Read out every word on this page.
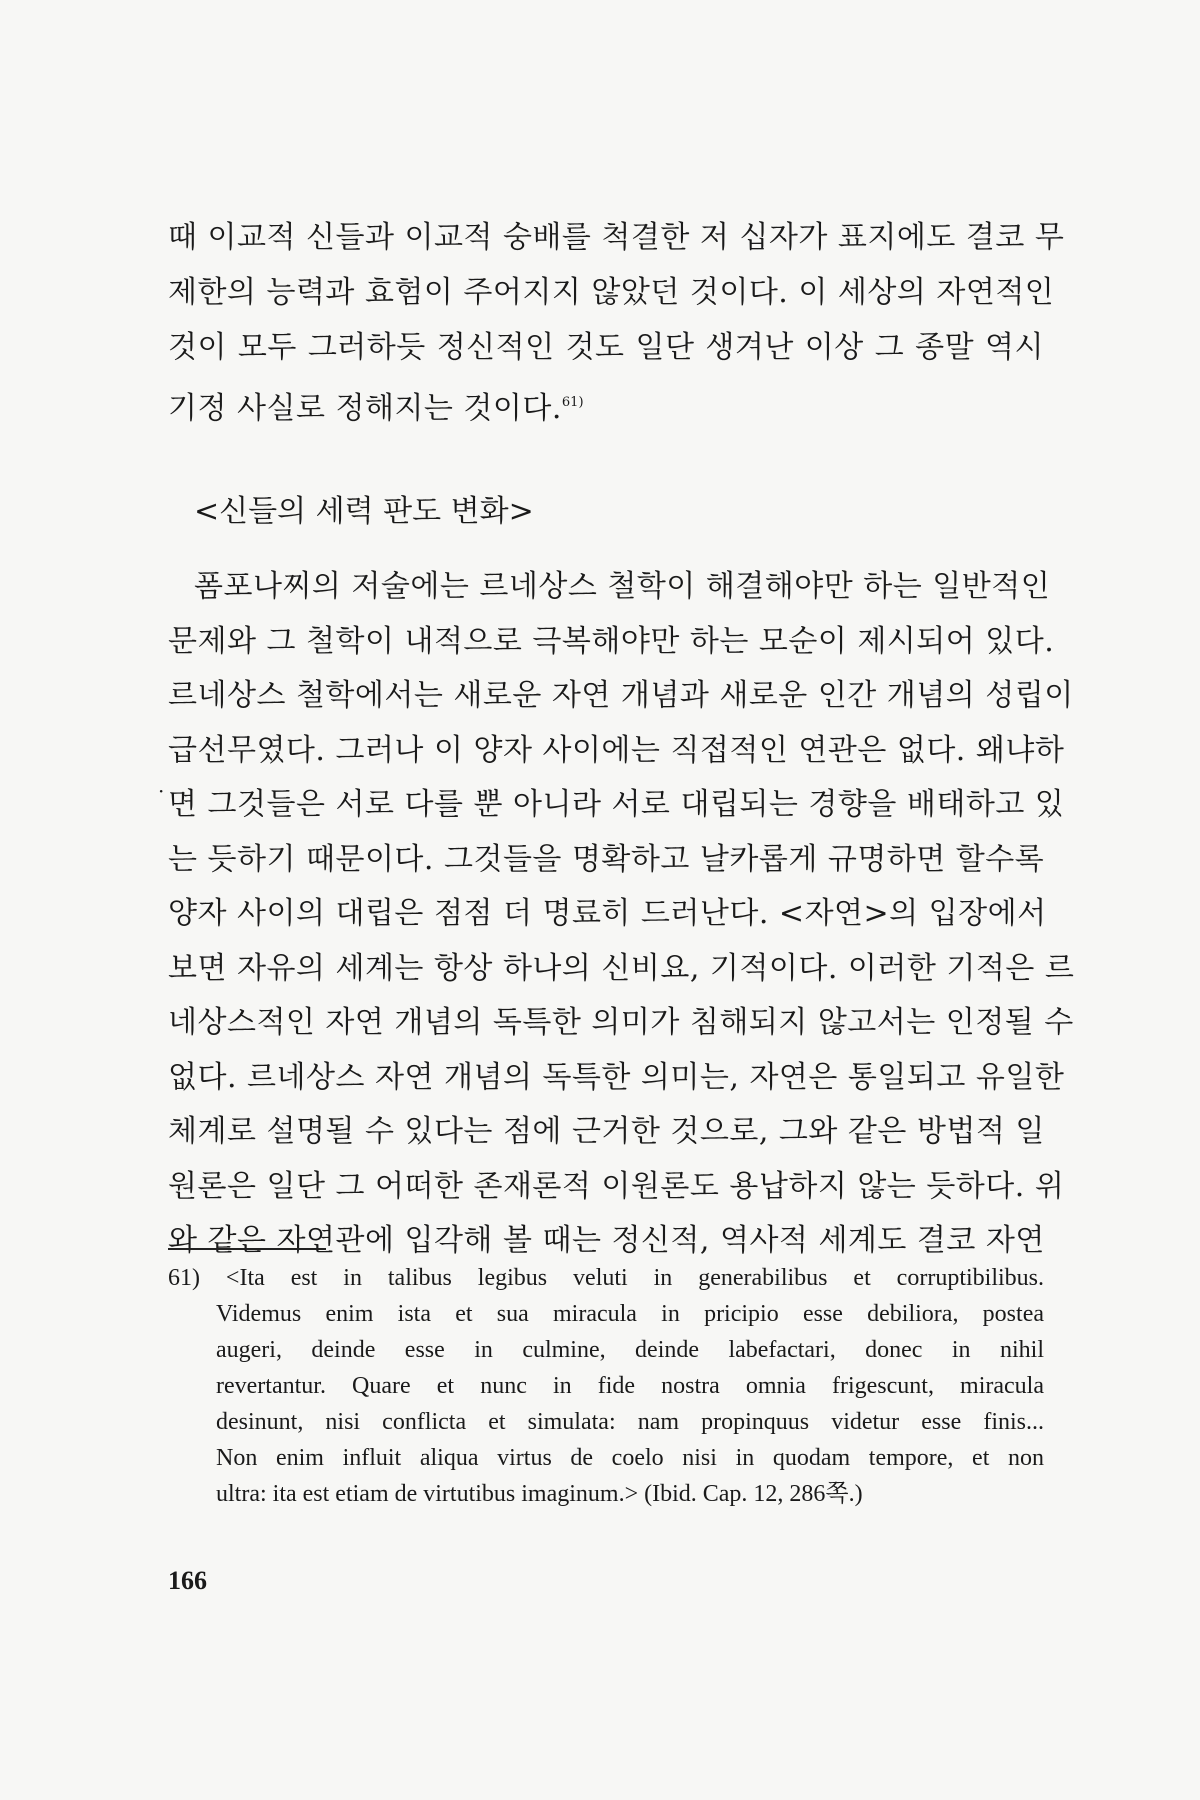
때 이교적 신들과 이교적 숭배를 척결한 저 십자가 표지에도 결코 무
제한의 능력과 효험이 주어지지 않았던 것이다. 이 세상의 자연적인
것이 모두 그러하듯 정신적인 것도 일단 생겨난 이상 그 종말 역시
기정 사실로 정해지는 것이다.$^{61)}$
<신들의 세력 판도 변화>
·
폼포나찌의 저술에는 르네상스 철학이 해결해야만 하는 일반적인
문제와 그 철학이 내적으로 극복해야만 하는 모순이 제시되어 있다.
르네상스 철학에서는 새로운 자연 개념과 새로운 인간 개념의 성립이
급선무였다. 그러나 이 양자 사이에는 직접적인 연관은 없다. 왜냐하
면 그것들은 서로 다를 뿐 아니라 서로 대립되는 경향을 배태하고 있
는 듯하기 때문이다. 그것들을 명확하고 날카롭게 규명하면 할수록
양자 사이의 대립은 점점 더 명료히 드러난다. <자연>의 입장에서
보면 자유의 세계는 항상 하나의 신비요, 기적이다. 이러한 기적은 르
네상스적인 자연 개념의 독특한 의미가 침해되지 않고서는 인정될 수
없다. 르네상스 자연 개념의 독특한 의미는, 자연은 통일되고 유일한
체계로 설명될 수 있다는 점에 근거한 것으로, 그와 같은 방법적 일
원론은 일단 그 어떠한 존재론적 이원론도 용납하지 않는 듯하다. 위
와 같은 자연관에 입각해 볼 때는 정신적, 역사적 세계도 결코 자연
61) <Ita est in talibus legibus veluti in generabilibus et corruptibilibus.
Videmus enim ista et sua miracula in pricipio esse debiliora, postea
augeri, deinde esse in culmine, deinde labefactari, donec in nihil
revertantur. Quare et nunc in fide nostra omnia frigescunt, miracula
desinunt, nisi conflicta et simulata: nam propinquus videtur esse finis...
Non enim influit aliqua virtus de coelo nisi in quodam tempore, et non
ultra: ita est etiam de virtutibus imaginum.> (Ibid. Cap. 12, 286쪽.)
166
